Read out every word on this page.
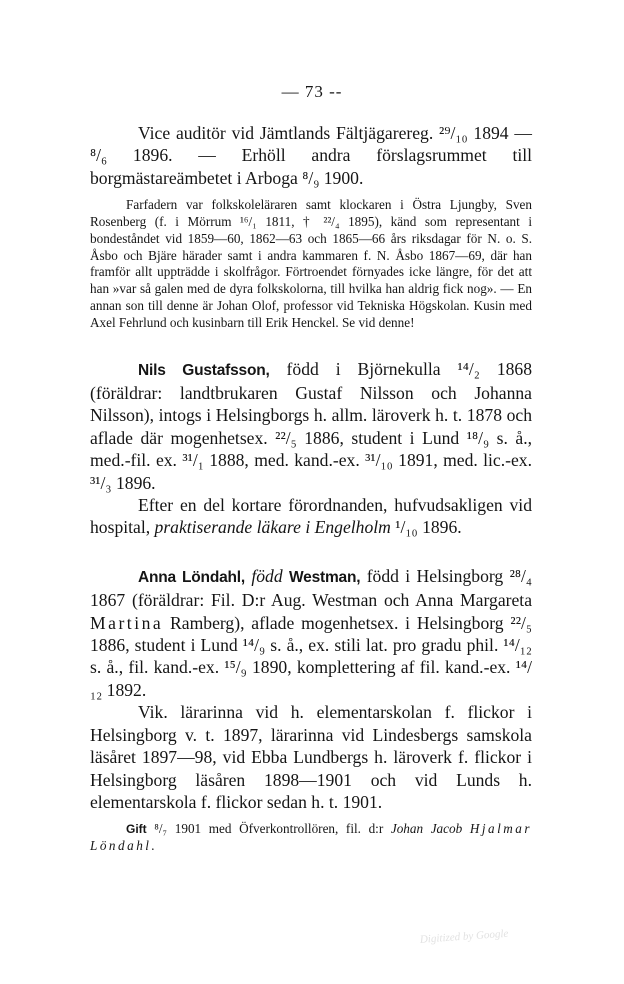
— 73 --

Vice auditör vid Jämtlands Fältjägarereg. ²⁹/₁₀ 1894 —⁸/₆ 1896. — Erhöll andra förslagsrummet till borgmästareämbetet i Arboga ⁸/₉ 1900.

Farfadern var folkskoleläraren samt klockaren i Östra Ljungby, Sven Rosenberg (f. i Mörrum ¹⁶/₁ 1811, † ²²/₄ 1895), känd som representant i bondeståndet vid 1859—60, 1862—63 och 1865—66 års riksdagar för N. o. S. Åsbo och Bjäre härader samt i andra kammaren f. N. Åsbo 1867—69, där han framför allt uppträdde i skolfrågor. Förtroendet förnyades icke längre, för det att han »var så galen med de dyra folkskolorna, till hvilka han aldrig fick nog». — En annan son till denne är Johan Olof, professor vid Tekniska Högskolan. Kusin med Axel Fehrlund och kusinbarn till Erik Henckel. Se vid denne!

Nils Gustafsson, född i Björnekulla ¹⁴/₂ 1868 (föräldrar: landtbrukaren Gustaf Nilsson och Johanna Nilsson), intogs i Helsingborgs h. allm. läroverk h. t. 1878 och aflade där mogenhetsex. ²²/₅ 1886, student i Lund ¹⁸/₉ s. å., med.-fil. ex. ³¹/₁ 1888, med. kand.-ex. ³¹/₁₀ 1891, med. lic.-ex. ³¹/₃ 1896.

Efter en del kortare förordnanden, hufvudsakligen vid hospital, praktiserande läkare i Engelholm ¹/₁₀ 1896.

Anna Löndahl, född Westman, född i Helsingborg ²⁸/₄ 1867 (föräldrar: Fil. D:r Aug. Westman och Anna Margareta Martina Ramberg), aflade mogenhetsex. i Helsingborg ²²/₅ 1886, student i Lund ¹⁴/₉ s. å., ex. stili lat. pro gradu phil. ¹⁴/₁₂ s. å., fil. kand.-ex. ¹⁵/₉ 1890, komplettering af fil. kand.-ex. ¹⁴/₁₂ 1892.

Vik. lärarinna vid h. elementarskolan f. flickor i Helsingborg v. t. 1897, lärarinna vid Lindesbergs samskola läsåret 1897—98, vid Ebba Lundbergs h. läroverk f. flickor i Helsingborg läsåren 1898—1901 och vid Lunds h. elementarskola f. flickor sedan h. t. 1901.

Gift ⁸/₇ 1901 med Öfverkontrollören, fil. d:r Johan Jacob Hjalmar Löndahl.

Digitized by Google
